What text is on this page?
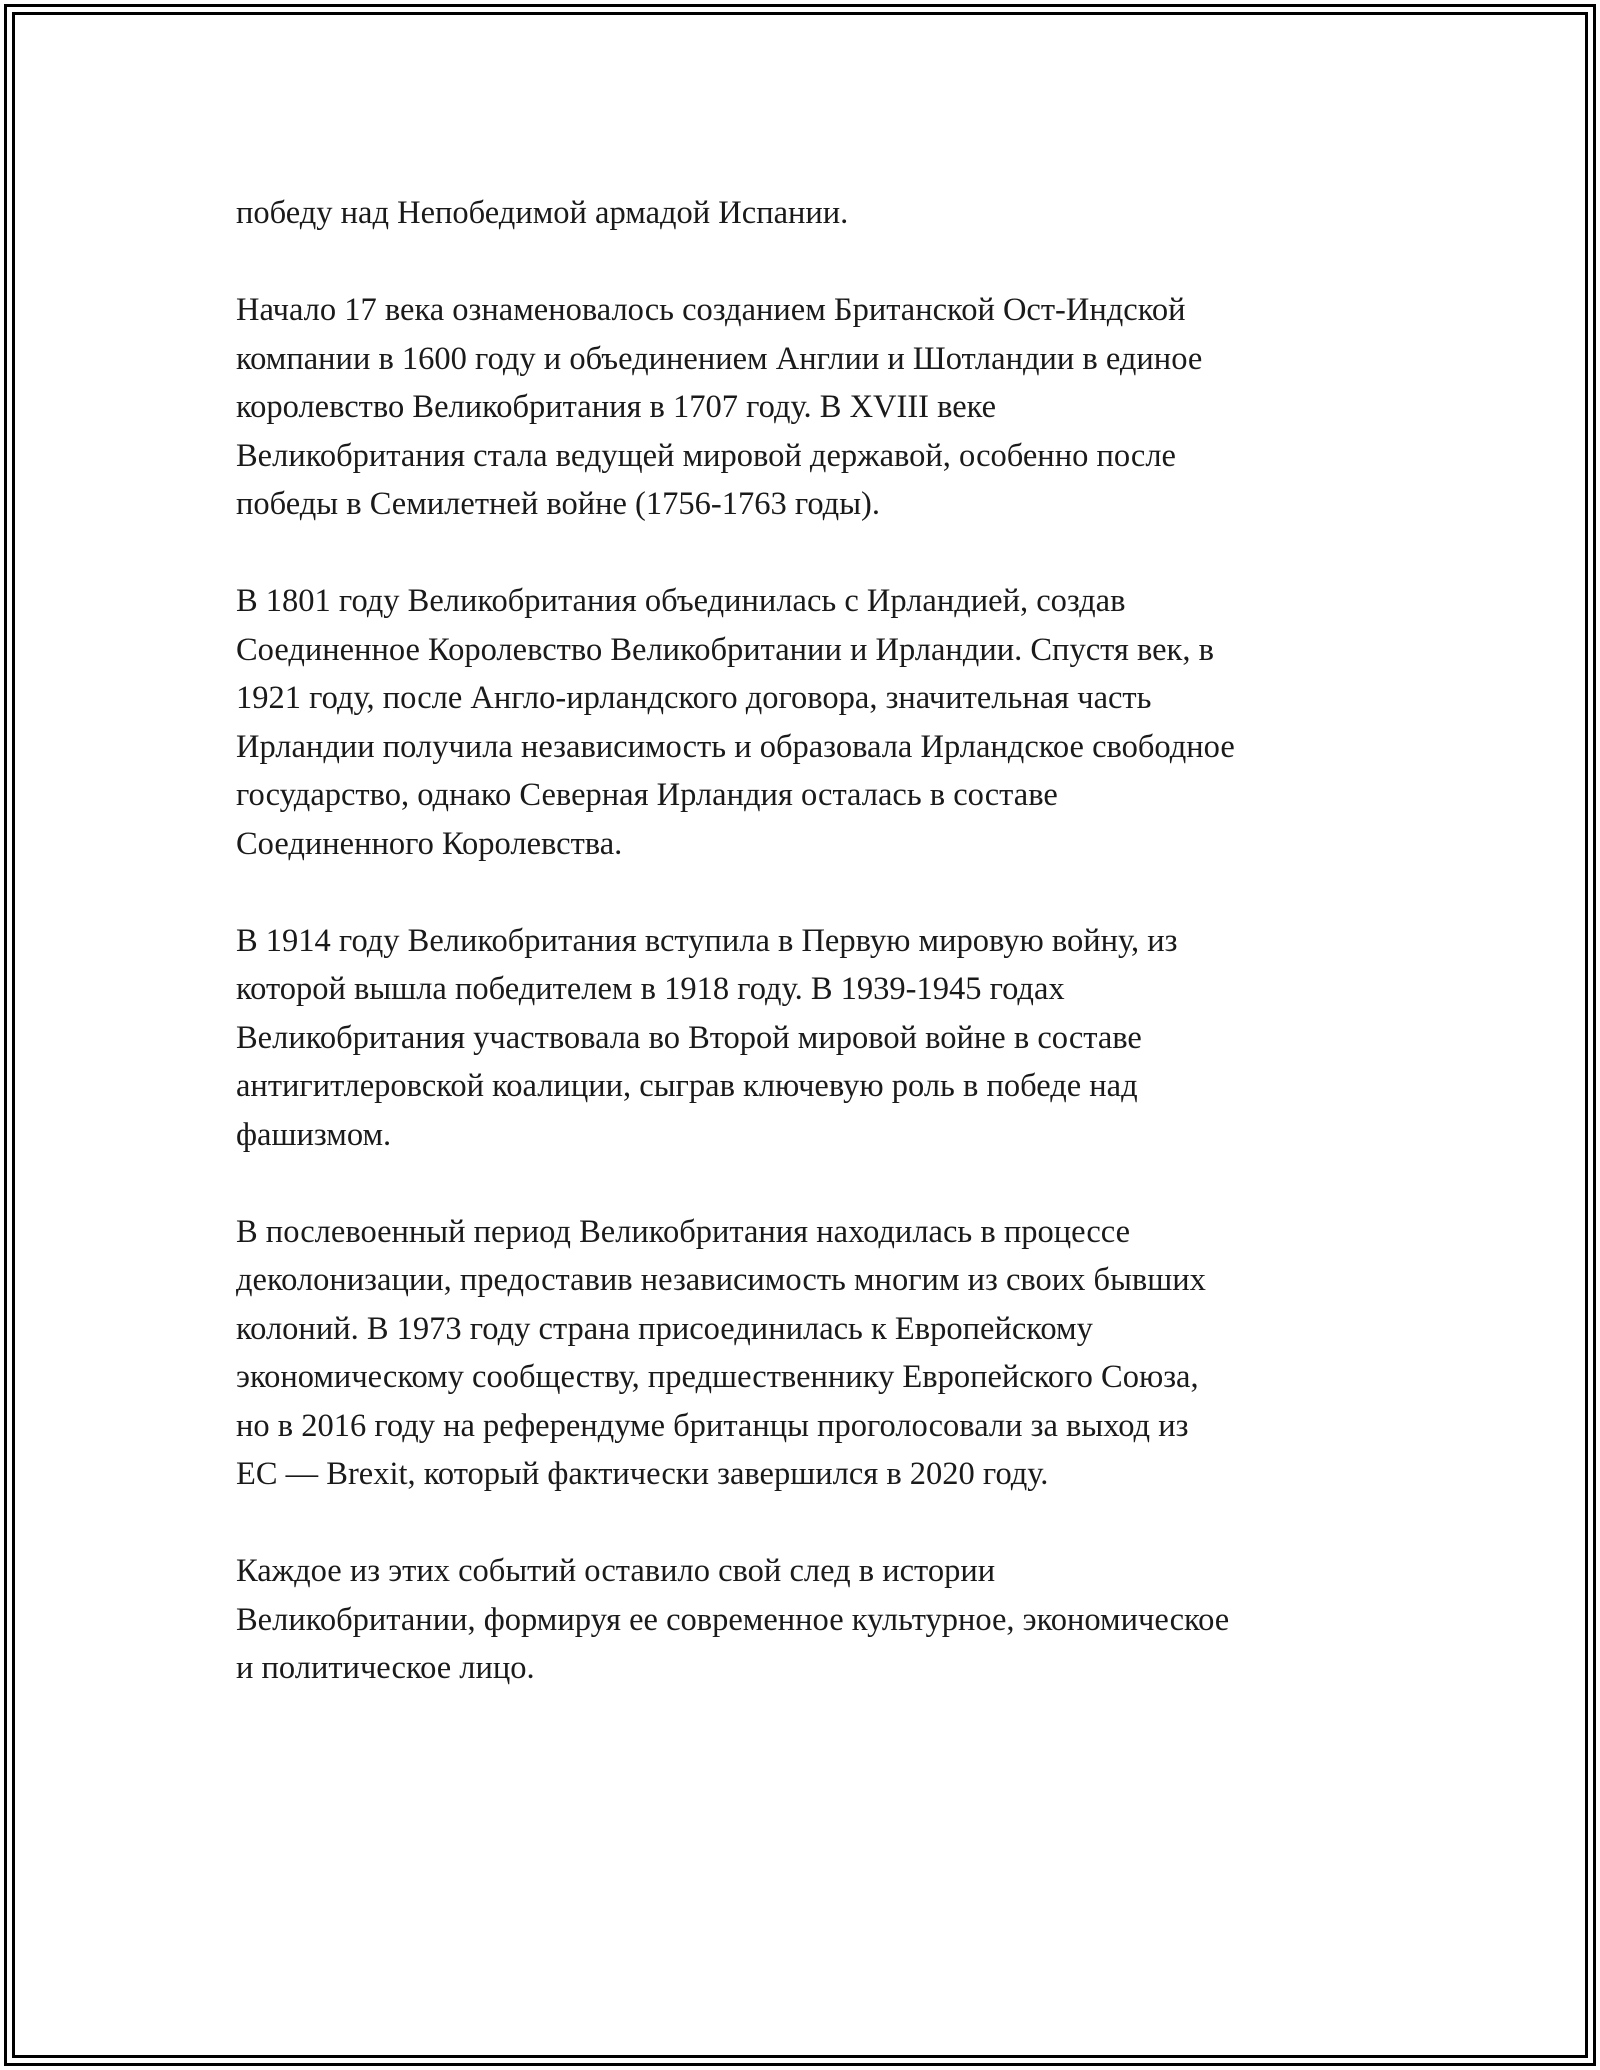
победу над Непобедимой армадой Испании.

Начало 17 века ознаменовалось созданием Британской Ост-Индской
компании в 1600 году и объединением Англии и Шотландии в единое
королевство Великобритания в 1707 году. В XVIII веке
Великобритания стала ведущей мировой державой, особенно после
победы в Семилетней войне (1756-1763 годы).

В 1801 году Великобритания объединилась с Ирландией, создав
Соединенное Королевство Великобритании и Ирландии. Спустя век, в
1921 году, после Англо-ирландского договора, значительная часть
Ирландии получила независимость и образовала Ирландское свободное
государство, однако Северная Ирландия осталась в составе
Соединенного Королевства.

В 1914 году Великобритания вступила в Первую мировую войну, из
которой вышла победителем в 1918 году. В 1939-1945 годах
Великобритания участвовала во Второй мировой войне в составе
антигитлеровской коалиции, сыграв ключевую роль в победе над
фашизмом.

В послевоенный период Великобритания находилась в процессе
деколонизации, предоставив независимость многим из своих бывших
колоний. В 1973 году страна присоединилась к Европейскому
экономическому сообществу, предшественнику Европейского Союза,
но в 2016 году на референдуме британцы проголосовали за выход из
ЕС — Brexit, который фактически завершился в 2020 году.

Каждое из этих событий оставило свой след в истории
Великобритании, формируя ее современное культурное, экономическое
и политическое лицо.
